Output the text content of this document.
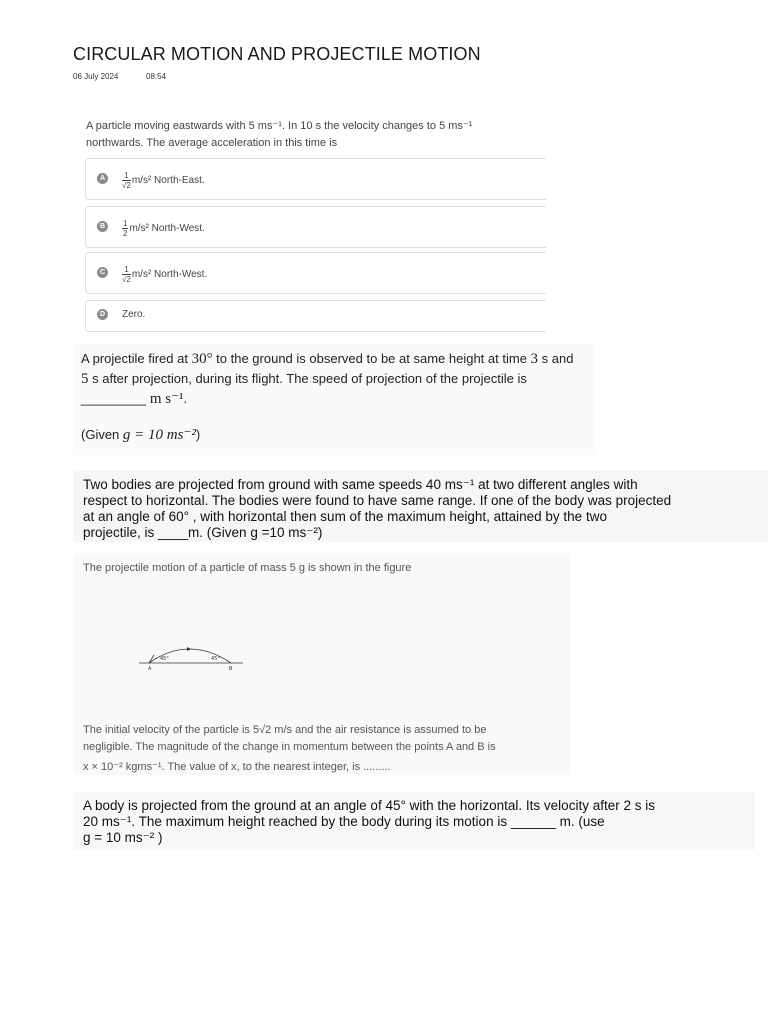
CIRCULAR MOTION AND PROJECTILE MOTION
06 July 2024	08:54
A particle moving eastwards with 5 ms⁻¹. In 10 s the velocity changes to 5 ms⁻¹
northwards. The average acceleration in this time is
A	$\frac{1}{√2} m/s^2$ North-East.
B	$\frac{1}{2} m/s^2$ North-West.
C	$\frac{1}{√2} m/s^2$ North-West.
D Zero.
A projectile fired at 30° to the ground is observed to be at same height at time 3 s and
5 s after projection, during its flight. The speed of projection of the projectile is
_________ m s⁻¹.
(Given g = 10 ms⁻²)
Two bodies are projected from ground with same speeds 40 ms⁻¹ at two different angles with
respect to horizontal. The bodies were found to have same range. If one of the body was projected
at an angle of 60° , with horizontal then sum of the maximum height, attained by the two
projectile, is ____m. (Given g =10 ms⁻²)
The projectile motion of a particle of mass 5 g is shown in the figure
45°	45°
A	B
The initial velocity of the particle is 5√2 m/s and the air resistance is assumed to be
negligible. The magnitude of the change in momentum between the points A and B is
x × 10⁻² kgms⁻¹. The value of x, to the nearest integer, is .........
A body is projected from the ground at an angle of 45° with the horizontal. Its velocity after 2 s is
20 ms⁻¹. The maximum height reached by the body during its motion is ______ m. (use
g = 10 ms⁻² )
